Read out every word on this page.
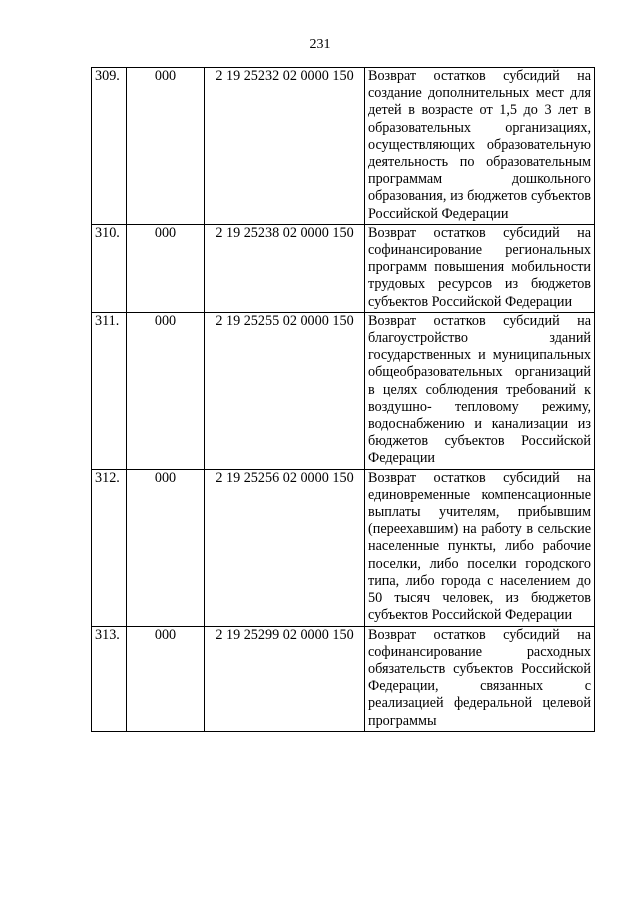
231
309.	000	2 19 25232 02 0000 150	Возврат остатков субсидий на создание дополнительных мест для детей в возрасте от 1,5 до 3 лет в образовательных организациях, осуществляющих образовательную деятельность по образовательным программам дошкольного образования, из бюджетов субъектов Российской Федерации

310.	000	2 19 25238 02 0000 150	Возврат остатков субсидий на софинансирование региональных программ повышения мобильности трудовых ресурсов из бюджетов субъектов Российской Федерации

311.	000	2 19 25255 02 0000 150	Возврат остатков субсидий на благоустройство зданий государственных и муниципальных общеобразовательных организаций в целях соблюдения требований к воздушно- тепловому режиму, водоснабжению и канализации из бюджетов субъектов Российской Федерации

312.	000	2 19 25256 02 0000 150	Возврат остатков субсидий на единовременные компенсационные выплаты учителям, прибывшим (переехавшим) на работу в сельские населенные пункты, либо рабочие поселки, либо поселки городского типа, либо города с населением до 50 тысяч человек, из бюджетов субъектов Российской Федерации

313.	000	2 19 25299 02 0000 150	Возврат остатков субсидий на софинансирование расходных обязательств субъектов Российской Федерации, связанных с реализацией федеральной целевой программы
